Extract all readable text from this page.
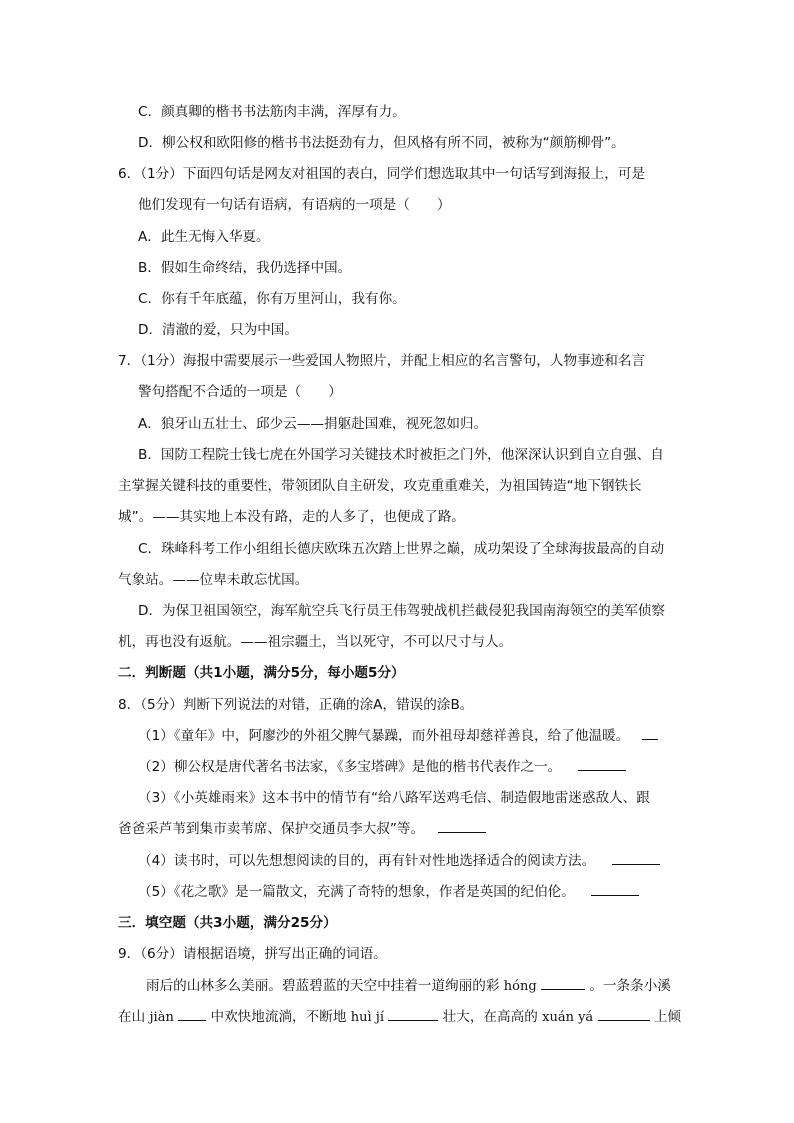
C．颜真卿的楷书书法筋肉丰满，浑厚有力。
D．柳公权和欧阳修的楷书书法挺劲有力，但风格有所不同，被称为“颜筋柳骨”。
6．（1分）下面四句话是网友对祖国的表白，同学们想选取其中一句话写到海报上，可是
他们发现有一句话有语病，有语病的一项是（　　）
A．此生无悔入华夏。
B．假如生命终结，我仍选择中国。
C．你有千年底蕴，你有万里河山，我有你。
D．清澈的爱，只为中国。
7．（1分）海报中需要展示一些爱国人物照片，并配上相应的名言警句，人物事迹和名言
警句搭配不合适的一项是（　　）
A．狼牙山五壮士、邱少云——捐躯赴国难，视死忽如归。
B．国防工程院士钱七虎在外国学习关键技术时被拒之门外，他深深认识到自立自强、自
主掌握关键科技的重要性，带领团队自主研发，攻克重重难关，为祖国铸造“地下钢铁长
城”。——其实地上本没有路，走的人多了，也便成了路。
C．珠峰科考工作小组组长德庆欧珠五次踏上世界之巅，成功架设了全球海拔最高的自动
气象站。——位卑未敢忘忧国。
D．为保卫祖国领空，海军航空兵飞行员王伟驾驶战机拦截侵犯我国南海领空的美军侦察
机，再也没有返航。——祖宗疆土，当以死守，不可以尺寸与人。
二．判断题（共1小题，满分5分，每小题5分）
8．（5分）判断下列说法的对错，正确的涂A，错误的涂B。
（1）《童年》中，阿廖沙的外祖父脾气暴躁，而外祖母却慈祥善良，给了他温暖。
（2）柳公权是唐代著名书法家，《多宝塔碑》是他的楷书代表作之一。
（3）《小英雄雨来》这本书中的情节有“给八路军送鸡毛信、制造假地雷迷惑敌人、跟
爸爸采芦苇到集市卖苇席、保护交通员李大叔”等。
（4）读书时，可以先想想阅读的目的，再有针对性地选择适合的阅读方法。
（5）《花之歌》是一篇散文，充满了奇特的想象，作者是英国的纪伯伦。
三．填空题（共3小题，满分25分）
9．（6分）请根据语境，拼写出正确的词语。
雨后的山林多么美丽。碧蓝碧蓝的天空中挂着一道绚丽的彩 hóng	。一条条小溪
在山 jiàn	中欢快地流淌，不断地 huì jí	壮大，在高高的 xuán yá	上倾
